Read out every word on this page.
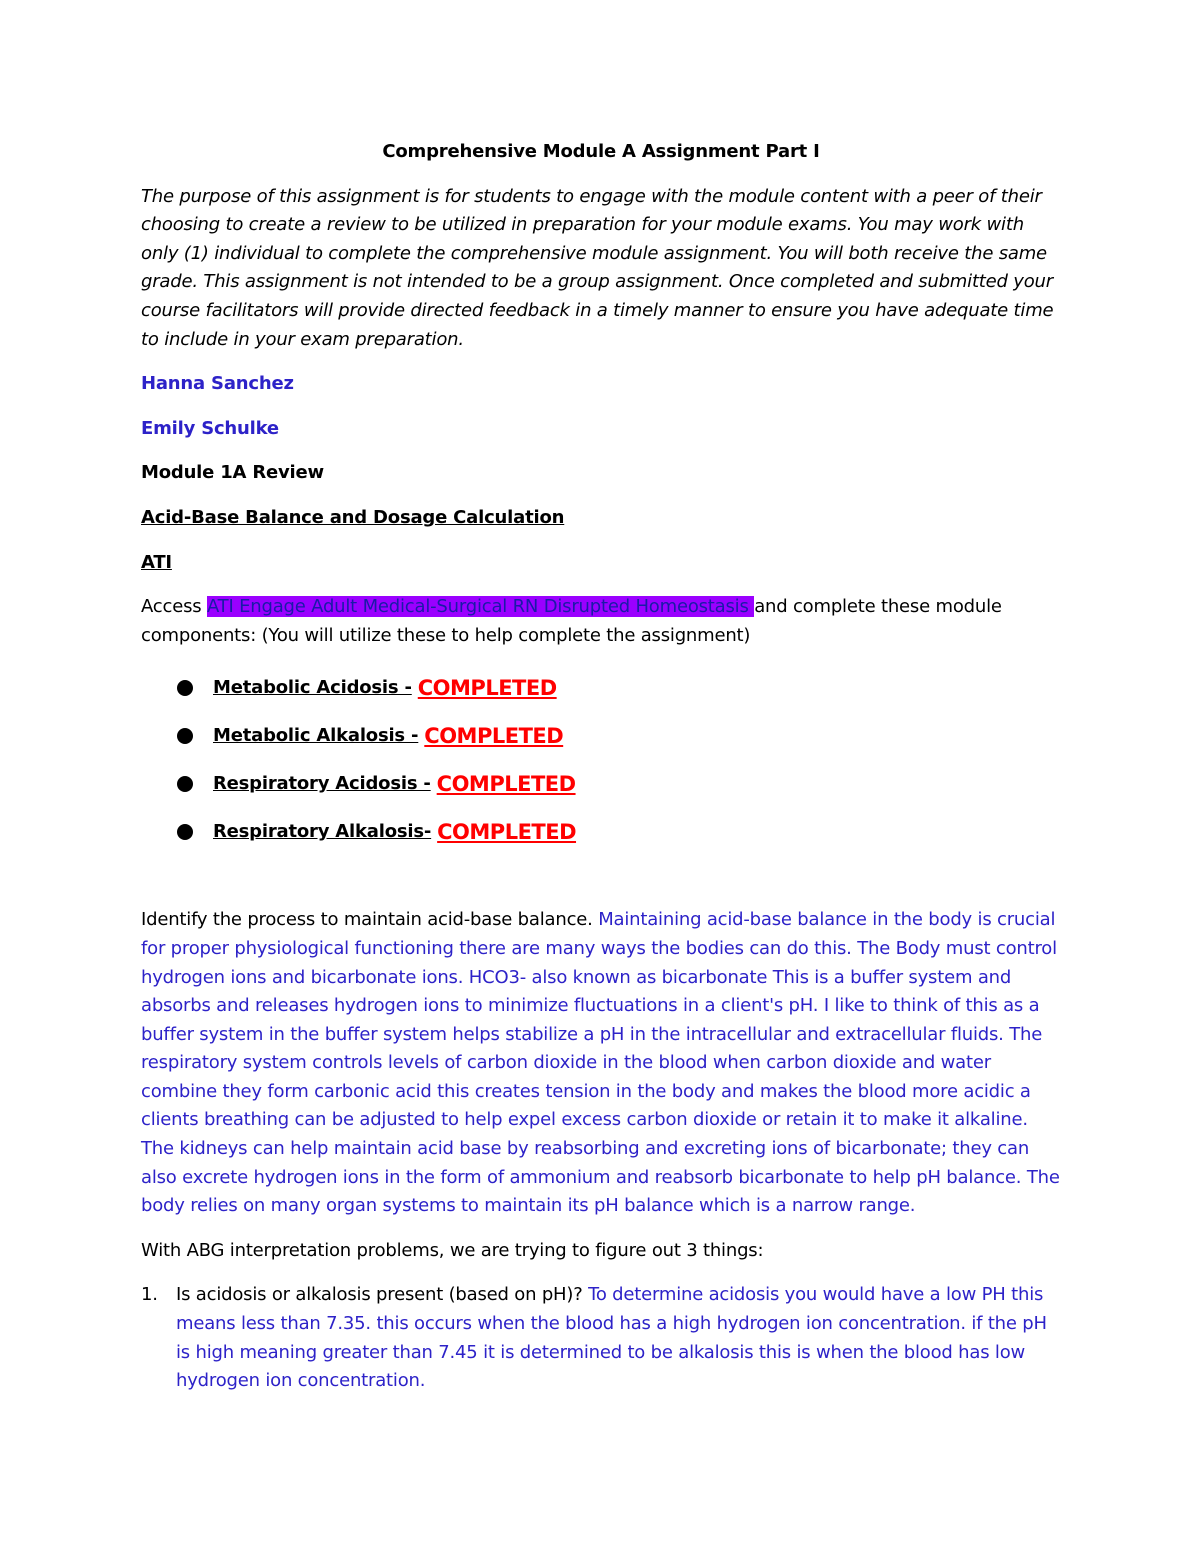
Comprehensive Module A Assignment Part I

The purpose of this assignment is for students to engage with the module content with a peer of their choosing to create a review to be utilized in preparation for your module exams. You may work with only (1) individual to complete the comprehensive module assignment. You will both receive the same grade. This assignment is not intended to be a group assignment. Once completed and submitted your course facilitators will provide directed feedback in a timely manner to ensure you have adequate time to include in your exam preparation.

Hanna Sanchez

Emily Schulke

Module 1A Review

Acid-Base Balance and Dosage Calculation

ATI

Access ATI Engage Adult Medical-Surgical RN Disrupted Homeostasis and complete these module components: (You will utilize these to help complete the assignment)

Metabolic Acidosis - COMPLETED
Metabolic Alkalosis - COMPLETED
Respiratory Acidosis - COMPLETED
Respiratory Alkalosis- COMPLETED

Identify the process to maintain acid-base balance. Maintaining acid-base balance in the body is crucial for proper physiological functioning there are many ways the bodies can do this. The Body must control hydrogen ions and bicarbonate ions. HCO3- also known as bicarbonate This is a buffer system and absorbs and releases hydrogen ions to minimize fluctuations in a client's pH. I like to think of this as a buffer system in the buffer system helps stabilize a pH in the intracellular and extracellular fluids. The respiratory system controls levels of carbon dioxide in the blood when carbon dioxide and water combine they form carbonic acid this creates tension in the body and makes the blood more acidic a clients breathing can be adjusted to help expel excess carbon dioxide or retain it to make it alkaline. The kidneys can help maintain acid base by reabsorbing and excreting ions of bicarbonate; they can also excrete hydrogen ions in the form of ammonium and reabsorb bicarbonate to help pH balance. The body relies on many organ systems to maintain its pH balance which is a narrow range.

With ABG interpretation problems, we are trying to figure out 3 things:

1.	Is acidosis or alkalosis present (based on pH)? To determine acidosis you would have a low PH this means less than 7.35. this occurs when the blood has a high hydrogen ion concentration. if the pH is high meaning greater than 7.45 it is determined to be alkalosis this is when the blood has low hydrogen ion concentration.
